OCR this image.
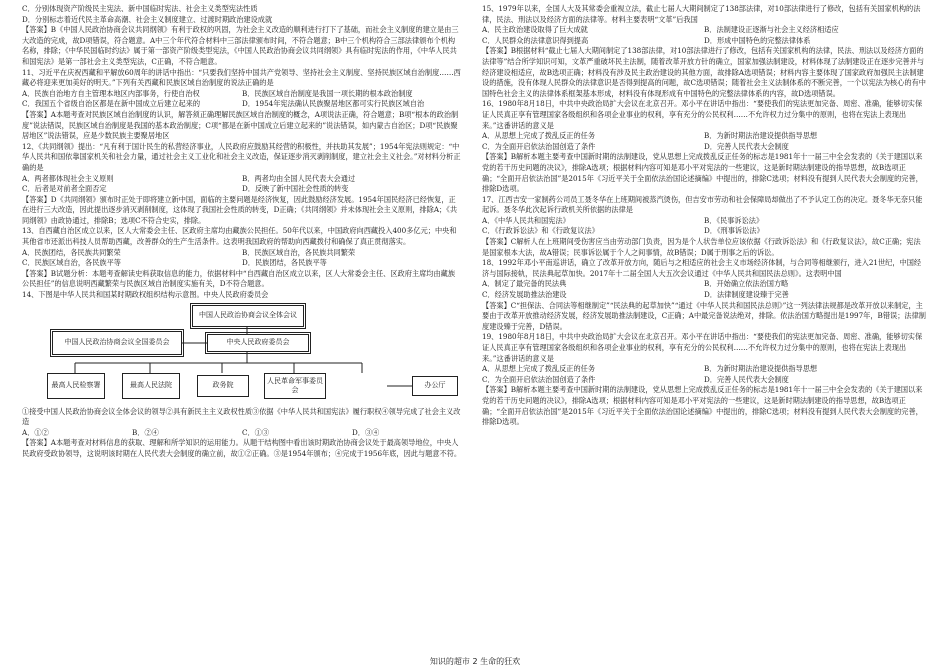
C．分别体现资产阶级民主宪法、新中国临时宪法、社会主义类型宪法性质

D．分别标志着近代民主革命高潮、社会主义制度建立、过渡时期政治建设成就

【答案】B《中国人民政治协商会议共同纲领》有利于政权的巩固，为社会主义改造的顺利进行打下了基础，而社会主义制度的建立是由三大改造的完成，故D项错误，符合题意。A中三个年代符合材料中三部法律颁布时间，不符合题意；B中三个机构符合三部法律颁布个机构名称，排除；《中华民国临时约法》属于第一部资产阶级类型宪法，《中国人民政治协商会议共同纲领》具有临时宪法的作用，《中华人民共和国宪法》是第一部社会主义类型宪法，C正确，不符合题意。

11、习近平在庆祝西藏和平解放60周年的讲话中指出：“只要我们坚持中国共产党领导、坚持社会主义制度、坚持民族区域自治制度……西藏必将迎来更加美好的明天。”下列有关西藏和民族区域自治制度的说法正确的是

A．民族自治地方自主管理本地区内部事务，行使自治权	B．民族区域自治制度是我国一项长期的根本政治制度
C．我国五个省级自治区都是在新中国成立后建立起来的	D．1954年宪法确认民族聚居地区都可实行民族区域自治

【答案】A本题考查对民族区域自治制度的认识，解答须正确理解民族区域自治制度的概念，A项说法正确，符合题意；B项“根本的政治制度”说法错误，民族区域自治制度是我国的基本政治制度；C项“都是在新中国成立后建立起来的”说法错误，如内蒙古自治区；D项“民族聚居地区”说法错误，应是少数民族主要聚居地区

12、《共同纲领》提出：“凡有利于国计民生的私营经济事业，人民政府应鼓励其经营的积极性，并扶助其发展”；1954年宪法则规定：“中华人民共和国依靠国家机关和社会力量，通过社会主义工业化和社会主义改造，保证逐步消灭剥削制度，建立社会主义社会。”对材料分析正确的是

A．两者都体现社会主义原则	B．两者均由全国人民代表大会通过
C．后者是对前者全面否定	D．反映了新中国社会性质的转变

【答案】D《共同纲领》颁布时正处于即将建立新中国，面临的主要问题是经济恢复，因此鼓励经济发展。1954年国民经济已经恢复，正在进行三大改造，因此提出逐步消灭剥削制度，这体现了我国社会性质的转变，D正确；《共同纲领》并未体现社会主义原则，排除A；《共同纲领》由政协通过，排除B；选项C不符合史实，排除。

13、自西藏自治区成立以来，区人大常委会主任、区政府主席均由藏族公民担任。50年代以来，中国政府向西藏投入400多亿元；中央和其他省市还派出科技人员帮助西藏，改善群众的生产生活条件。这表明我国政府的帮助向西藏拨付和确保了真正贯彻落实。

A．民族团结，各民族共同繁荣	B．民族区域自治，各民族共同繁荣
C．民族区域自治，各民族平等	D．民族团结，各民族平等

【答案】B试题分析：本题考查解读史料获取信息的能力，依据材料中“自西藏自治区成立以来，区人大常委会主任、区政府主席均由藏族公民担任”的信息说明西藏繁荣与民族区域自治制度实施有关，D不符合题意。

14、下图是中华人民共和国某时期政权组织结构示意图。中央人民政府委员会

中国人民政治协商会议全体会议
中国人民政治协商会议全国委员会	中央人民政府委员会
最高人民检察署	最高人民法院	政务院
人民革命军事委员会
办公厅

①接受中国人民政治协商会议全体会议的领导②具有新民主主义政权性质③依据《中华人民共和国宪法》履行职权④领导完成了社会主义改造

A．①②	B．②④	C．①③	D．③④

【答案】A本题考查对材料信息的获取、理解和所学知识的运用能力。从题干结构图中看出该时期政治协商会议处于最高领导地位，中央人民政府受政协领导，这说明该时期在人民代表大会制度的确立前，故①②正确。③是1954年颁布；④完成于1956年底，因此与题意不符。

15、1979年以来，全国人大及其常委会重视立法，截止七届人大期间制定了138部法律，对10部法律进行了修改，包括有关国家机构的法律，民法、刑法以及经济方面的法律等。材料主要表明“文革”后我国

A．民主政治建设取得了巨大成就	B．法制建设正逐渐与社会主义经济相适应
C．人民群众的法律意识得到提高	D．形成中国特色的完整法律体系

【答案】B根据材料“截止七届人大期间制定了138部法律，对10部法律进行了修改，包括有关国家机构的法律，民法、刑法以及经济方面的法律等”结合所学知识可知，文革严重破坏民主法制，随着改革开放方针的确立，国家加强法制建设，材料体现了法制建设正在逐步完善并与经济建设相适应，故B选项正确；材料没有涉及民主政治建设的其他方面，故排除A选项错误；材料内容主要体现了国家政府加强民主法制建设的措施，没有体现人民群众的法律意识是否得到提高的问题，故C选项错误；随着社会主义法制体系的不断完善，一个以宪法为核心的有中国特色社会主义的法律体系框架基本形成，材料没有体现形成有中国特色的完整法律体系的内容，故D选项错误。

16、1980年8月18日，中共中央政治局扩大会议在北京召开。邓小平在讲话中指出：“要使我们的宪法更加完备、周密、准确，能够切实保证人民真正享有管理国家各级组织和各项企业事业的权利，享有充分的公民权利……不允许权力过分集中的原则，也将在宪法上表现出来。”这番讲话的意义是

A．从思想上完成了拨乱反正的任务	B．为新时期法治建设提供指导思想
C．为全面开启依法治国创造了条件	D．完善人民代表大会制度

【答案】B解析本题主要考查中国新时期的法制建设，党从思想上完成拨乱反正任务的标志是1981年十一届三中全会发表的《关于建国以来党的若干历史问题的决议》，排除A选项；根据材料内容可知是邓小平对宪法的一些建议，这是新时期法制建设的指导思想，故B选项正确；“全面开启依法治国”是2015年《习近平关于全面依法治国论述摘编》中提出的，排除C选项；材料没有提到人民代表大会制度的完善，排除D选项。

17、江西吉安一家制药公司员工聂冬华在上班期间被蒸汽烫伤，但吉安市劳动和社会保障局却做出了不予认定工伤的决定。聂冬华无奈只能起诉。聂冬华此次起诉行政机关所依据的法律是

A．《中华人民共和国宪法》	B．《民事诉讼法》
C．《行政诉讼法》和《行政复议法》	D．《刑事诉讼法》

【答案】C解析人在上班期间受伤害应当由劳动部门负责，因为是个人状告单位应该依据《行政诉讼法》和《行政复议法》，故C正确；宪法是国家根本大法，故A错误；民事诉讼属于个人之间事情，故B错误；D属于刑事之后的诉讼。

18、1992年邓小平南巡讲话，确立了改革开放方向，随后与之相适应的社会主义市场经济体制，与合同等相继颁行，进入21世纪，中国经济与国际接轨，民法典起草加快。2017年十二届全国人大五次会议通过《中华人民共和国民法总则》。这表明中国

A．制定了最完备的民法典	B．开始确立依法治国方略
C．经济发展助推法治建设	D．法律制度建设臻于完善

【答案】C“担保法、合同法等相继制定”“民法典的起草加快”“通过《中华人民共和国民法总则》”这一列法律法规都是改革开放以来制定，主要由于改革开放推动经济发展，经济发展助推法制建设，C正确；A中最完备说法绝对，排除。依法治国方略提出是1997年，B错误；法律制度建设臻于完善，D错误。

19、1980年8月18日，中共中央政治局扩大会议在北京召开。邓小平在讲话中指出：“要使我们的宪法更加完备、周密、准确，能够切实保证人民真正享有管理国家各级组织和各项企业事业的权利，享有充分的公民权利……不允许权力过分集中的原则，也将在宪法上表现出来。”这番讲话的意义是

A．从思想上完成了拨乱反正的任务	B．为新时期法治建设提供指导思想
C．为全面开启依法治国创造了条件	D．完善人民代表大会制度

【答案】B解析本题主要考查中国新时期的法制建设，党从思想上完成拨乱反正任务的标志是1981年十一届三中全会发表的《关于建国以来党的若干历史问题的决议》，排除A选项；根据材料内容可知是邓小平对宪法的一些建议，这是新时期法制建设的指导思想，故B选项正确；“全面开启依法治国”是2015年《习近平关于全面依法治国论述摘编》中提出的，排除C选项；材料没有提到人民代表大会制度的完善，排除D选项。

知识的超市 2 生命的狂欢
